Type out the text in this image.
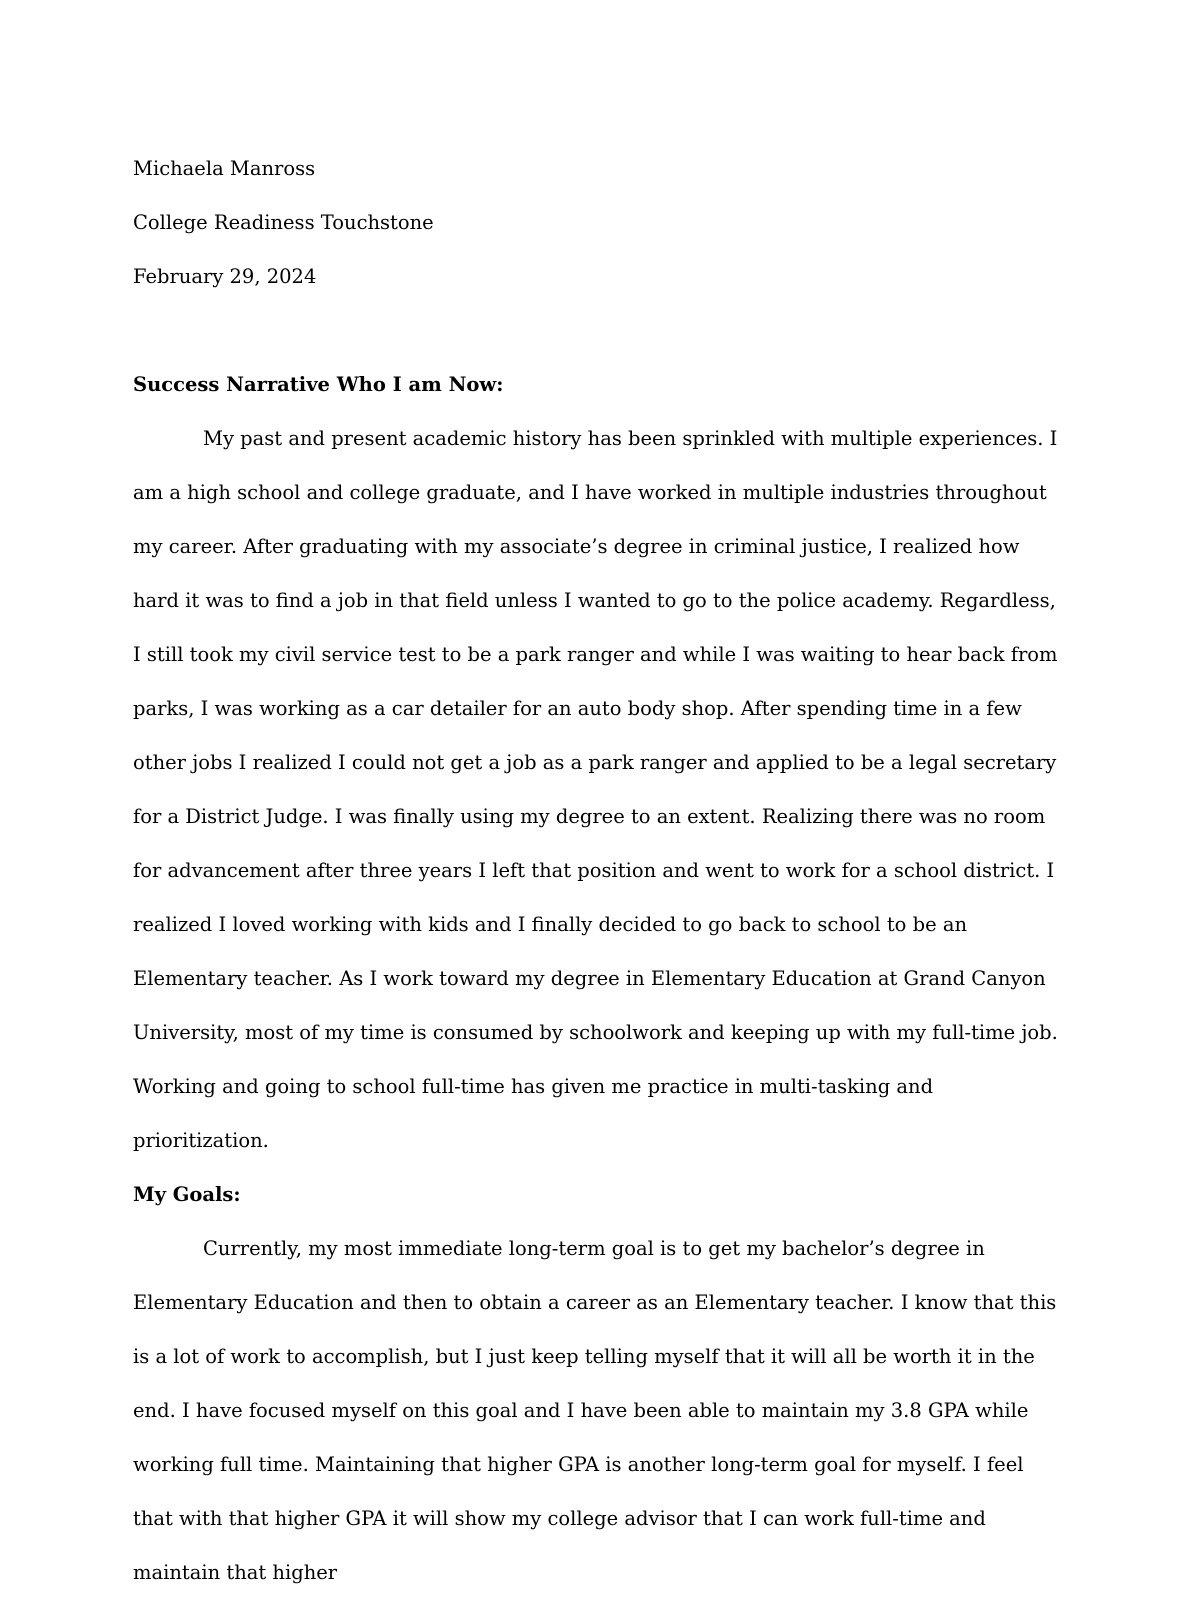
Michaela Manross
College Readiness Touchstone
February 29, 2024
Success Narrative Who I am Now:

My past and present academic history has been sprinkled with multiple experiences. I am a high school and college graduate, and I have worked in multiple industries throughout my career. After graduating with my associate’s degree in criminal justice, I realized how hard it was to find a job in that field unless I wanted to go to the police academy. Regardless, I still took my civil service test to be a park ranger and while I was waiting to hear back from parks, I was working as a car detailer for an auto body shop. After spending time in a few other jobs I realized I could not get a job as a park ranger and applied to be a legal secretary for a District Judge. I was finally using my degree to an extent. Realizing there was no room for advancement after three years I left that position and went to work for a school district. I realized I loved working with kids and I finally decided to go back to school to be an Elementary teacher. As I work toward my degree in Elementary Education at Grand Canyon University, most of my time is consumed by schoolwork and keeping up with my full-time job. Working and going to school full-time has given me practice in multi-tasking and prioritization.

My Goals:

Currently, my most immediate long-term goal is to get my bachelor’s degree in Elementary Education and then to obtain a career as an Elementary teacher. I know that this is a lot of work to accomplish, but I just keep telling myself that it will all be worth it in the end. I have focused myself on this goal and I have been able to maintain my 3.8 GPA while working full time. Maintaining that higher GPA is another long-term goal for myself. I feel that with that higher GPA it will show my college advisor that I can work full-time and maintain that higher
